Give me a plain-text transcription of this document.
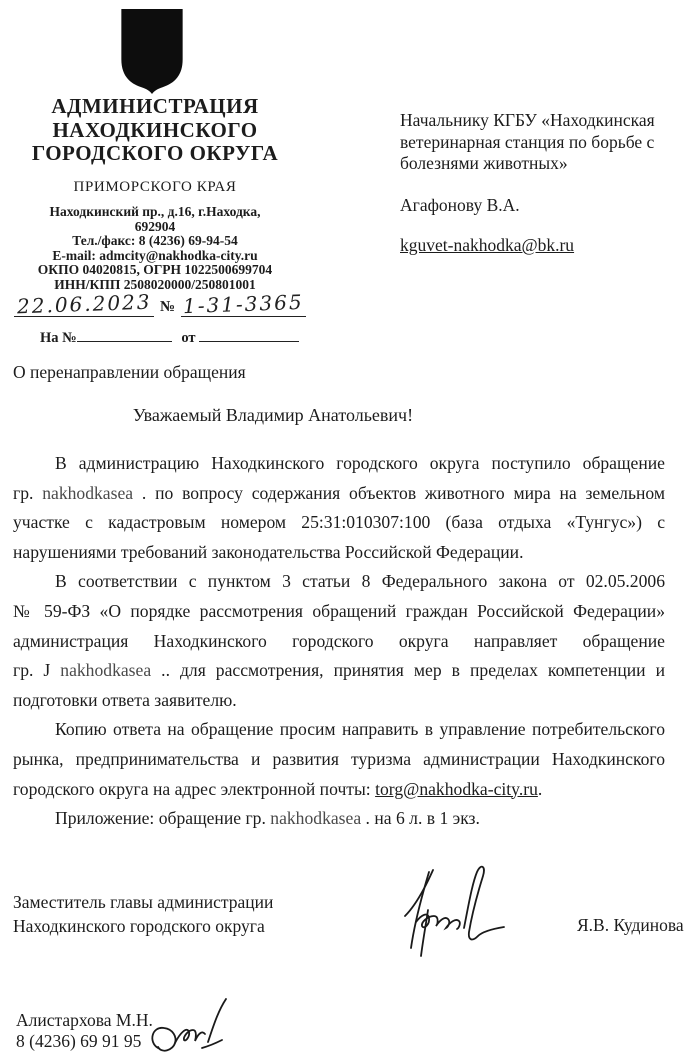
АДМИНИСТРАЦИЯ
НАХОДКИНСКОГО
ГОРОДСКОГО ОКРУГА
ПРИМОРСКОГО КРАЯ
Находкинский пр., д.16, г.Находка,
692904
Тел./факс: 8 (4236) 69-94-54
E-mail: admcity@nakhodka-city.ru
ОКПО 04020815, ОГРН 1022500699704
ИНН/КПП 2508020000/250801001
22.06.2023 № 1-31-3365
На №	от
Начальнику КГБУ «Находкинская
ветеринарная станция по борьбе с
болезнями животных»
Агафонову В.А.
kguvet-nakhodka@bk.ru
О перенаправлении обращения
Уважаемый Владимир Анатольевич!
В администрацию Находкинского городского округа поступило обращение
гр. nakhodkasea . по вопросу содержания объектов животного мира на земельном
участке с кадастровым номером 25:31:010307:100 (база отдыха «Тунгус») с
нарушениями требований законодательства Российской Федерации.
В соответствии с пунктом 3 статьи 8 Федерального закона от 02.05.2006
№ 59-ФЗ «О порядке рассмотрения обращений граждан Российской Федерации»
администрация Находкинского городского округа направляет обращение
гр. J nakhodkasea .. для рассмотрения, принятия мер в пределах компетенции и
подготовки ответа заявителю.
Копию ответа на обращение просим направить в управление потребительского
рынка, предпринимательства и развития туризма администрации Находкинского
городского округа на адрес электронной почты: torg@nakhodka-city.ru.
Приложение: обращение гр. nakhodkasea . на 6 л. в 1 экз.
Заместитель главы администрации
Находкинского городского округа	Я.В. Кудинова
Алистархова М.Н.
8 (4236) 69 91 95
